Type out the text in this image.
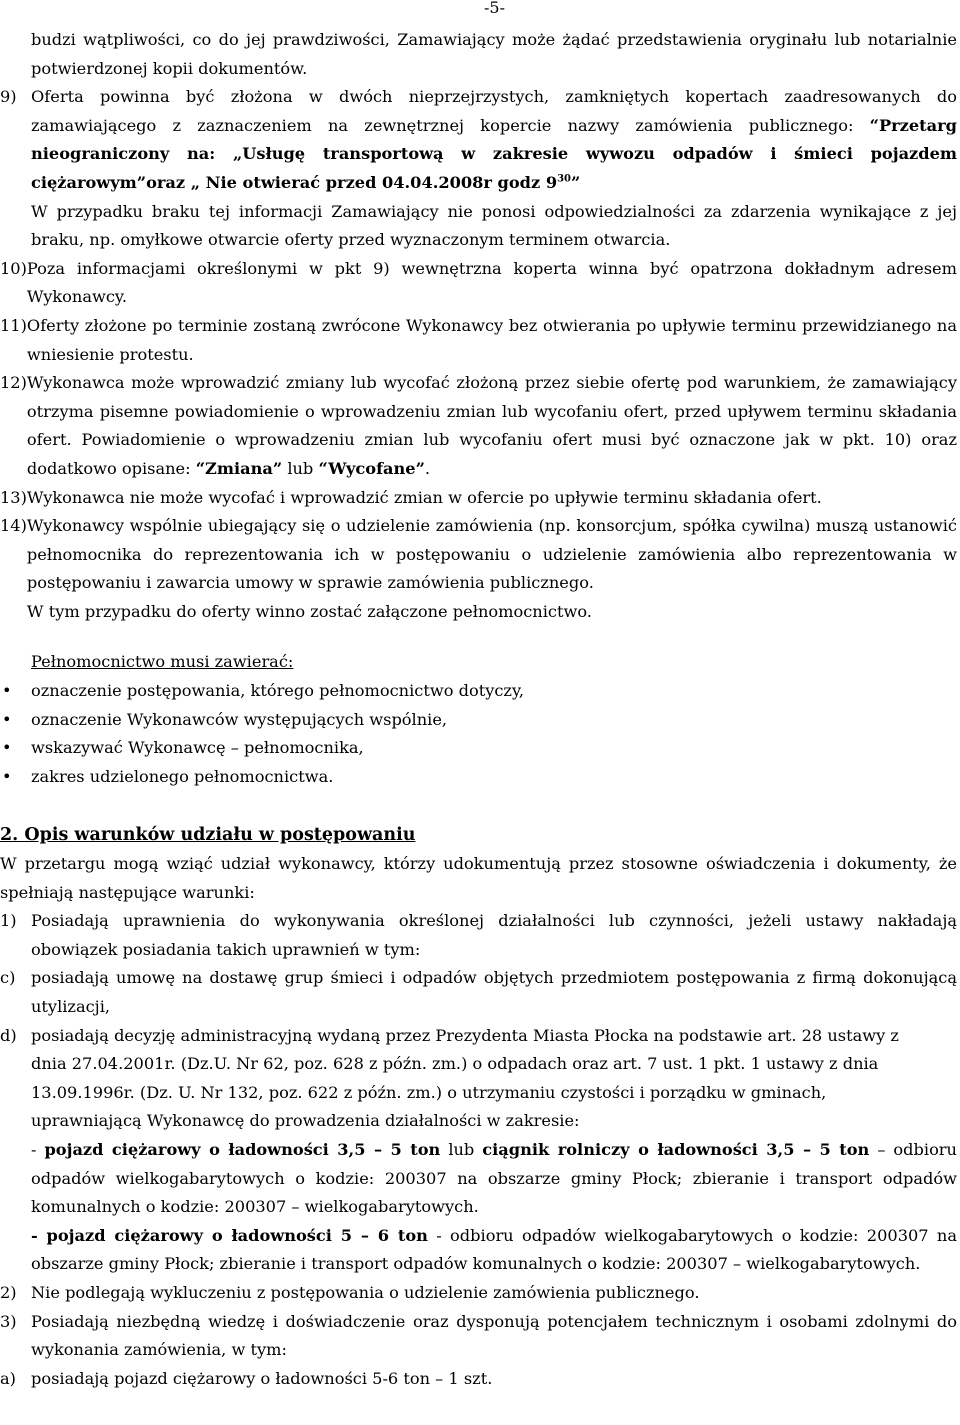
-5-

budzi wątpliwości, co do jej prawdziwości, Zamawiający może żądać przedstawienia oryginału lub notarialnie potwierdzonej kopii dokumentów.

9) Oferta powinna być złożona w dwóch nieprzejrzystych, zamkniętych kopertach zaadresowanych do zamawiającego z zaznaczeniem na zewnętrznej kopercie nazwy zamówienia publicznego: “Przetarg nieograniczony na: „Usługę transportową w zakresie wywozu odpadów i śmieci pojazdem ciężarowym”oraz „ Nie otwierać przed 04.04.2008r godz $9^{30}$”

W przypadku braku tej informacji Zamawiający nie ponosi odpowiedzialności za zdarzenia wynikające z jej braku, np. omyłkowe otwarcie oferty przed wyznaczonym terminem otwarcia.

10) Poza informacjami określonymi w pkt 9) wewnętrzna koperta winna być opatrzona dokładnym adresem Wykonawcy.
11) Oferty złożone po terminie zostaną zwrócone Wykonawcy bez otwierania po upływie terminu przewidzianego na wniesienie protestu.
12) Wykonawca może wprowadzić zmiany lub wycofać złożoną przez siebie ofertę pod warunkiem, że zamawiający otrzyma pisemne powiadomienie o wprowadzeniu zmian lub wycofaniu ofert, przed upływem terminu składania ofert. Powiadomienie o wprowadzeniu zmian lub wycofaniu ofert musi być oznaczone jak w pkt. 10) oraz dodatkowo opisane: “Zmiana” lub “Wycofane”.
13) Wykonawca nie może wycofać i wprowadzić zmian w ofercie po upływie terminu składania ofert.
14) Wykonawcy wspólnie ubiegający się o udzielenie zamówienia (np. konsorcjum, spółka cywilna) muszą ustanowić pełnomocnika do reprezentowania ich w postępowaniu o udzielenie zamówienia albo reprezentowania w postępowaniu i zawarcia umowy w sprawie zamówienia publicznego.

W tym przypadku do oferty winno zostać załączone pełnomocnictwo.

Pełnomocnictwo musi zawierać:

•	oznaczenie postępowania, którego pełnomocnictwo dotyczy,
•	oznaczenie Wykonawców występujących wspólnie,
•	wskazywać Wykonawcę – pełnomocnika,
•	zakres udzielonego pełnomocnictwa.

2. Opis warunków udziału w postępowaniu

W przetargu mogą wziąć udział wykonawcy, którzy udokumentują przez stosowne oświadczenia i dokumenty, że spełniają następujące warunki:

1) Posiadają uprawnienia do wykonywania określonej działalności lub czynności, jeżeli ustawy nakładają obowiązek posiadania takich uprawnień w tym:
c) posiadają umowę na dostawę grup śmieci i odpadów objętych przedmiotem postępowania z firmą dokonującą utylizacji,
d) posiadają decyzję administracyjną wydaną przez Prezydenta Miasta Płocka na podstawie art. 28 ustawy z dnia 27.04.2001r. (Dz.U. Nr 62, poz. 628 z późn. zm.) o odpadach oraz art. 7 ust. 1 pkt. 1 ustawy z dnia 13.09.1996r. (Dz. U. Nr 132, poz. 622 z późn. zm.) o utrzymaniu czystości i porządku w gminach, uprawniającą Wykonawcę do prowadzenia działalności w zakresie:

- pojazd ciężarowy o ładowności 3,5 – 5 ton lub ciągnik rolniczy o ładowności 3,5 – 5 ton – odbioru odpadów wielkogabarytowych o kodzie: 200307 na obszarze gminy Płock; zbieranie i transport odpadów komunalnych o kodzie: 200307 – wielkogabarytowych.

- pojazd ciężarowy o ładowności 5 – 6 ton - odbioru odpadów wielkogabarytowych o kodzie: 200307 na obszarze gminy Płock; zbieranie i transport odpadów komunalnych o kodzie: 200307 – wielkogabarytowych.

2) Nie podlegają wykluczeniu z postępowania o udzielenie zamówienia publicznego.
3) Posiadają niezbędną wiedzę i doświadczenie oraz dysponują potencjałem technicznym i osobami zdolnymi do wykonania zamówienia, w tym:
a) posiadają pojazd ciężarowy o ładowności 5-6 ton – 1 szt.
